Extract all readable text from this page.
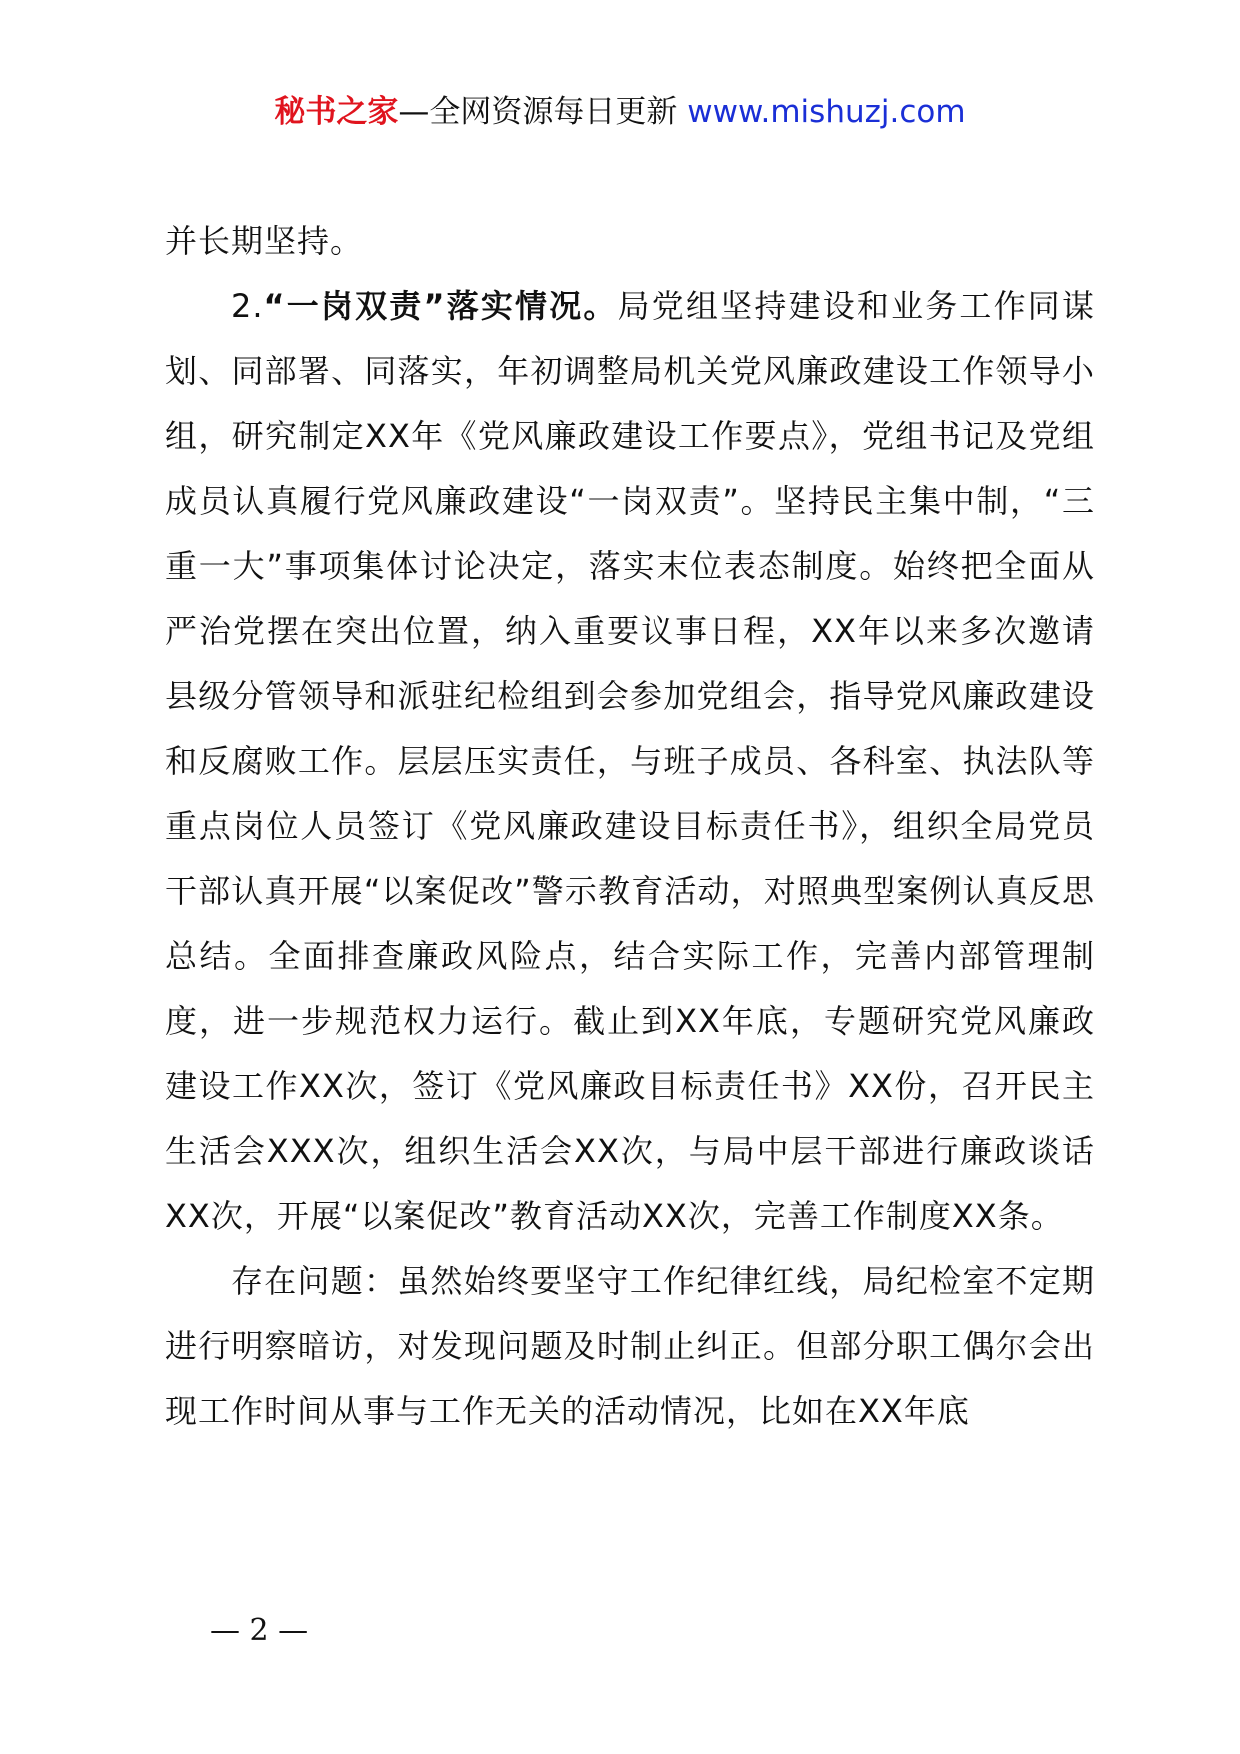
秘书之家—全网资源每日更新 www.mishuzj.com

并长期坚持。

2.“一岗双责”落实情况。局党组坚持建设和业务工作同谋划、同部署、同落实，年初调整局机关党风廉政建设工作领导小组，研究制定XX年《党风廉政建设工作要点》，党组书记及党组成员认真履行党风廉政建设“一岗双责”。坚持民主集中制，“三重一大”事项集体讨论决定，落实末位表态制度。始终把全面从严治党摆在突出位置，纳入重要议事日程，XX年以来多次邀请县级分管领导和派驻纪检组到会参加党组会，指导党风廉政建设和反腐败工作。层层压实责任，与班子成员、各科室、执法队等重点岗位人员签订《党风廉政建设目标责任书》，组织全局党员干部认真开展“以案促改”警示教育活动，对照典型案例认真反思总结。全面排查廉政风险点，结合实际工作，完善内部管理制度，进一步规范权力运行。截止到XX年底，专题研究党风廉政建设工作XX次，签订《党风廉政目标责任书》XX份，召开民主生活会XXX次，组织生活会XX次，与局中层干部进行廉政谈话XX次，开展“以案促改”教育活动XX次，完善工作制度XX条。

存在问题：虽然始终要坚守工作纪律红线，局纪检室不定期进行明察暗访，对发现问题及时制止纠正。但部分职工偶尔会出现工作时间从事与工作无关的活动情况，比如在XX年底

— 2 —
